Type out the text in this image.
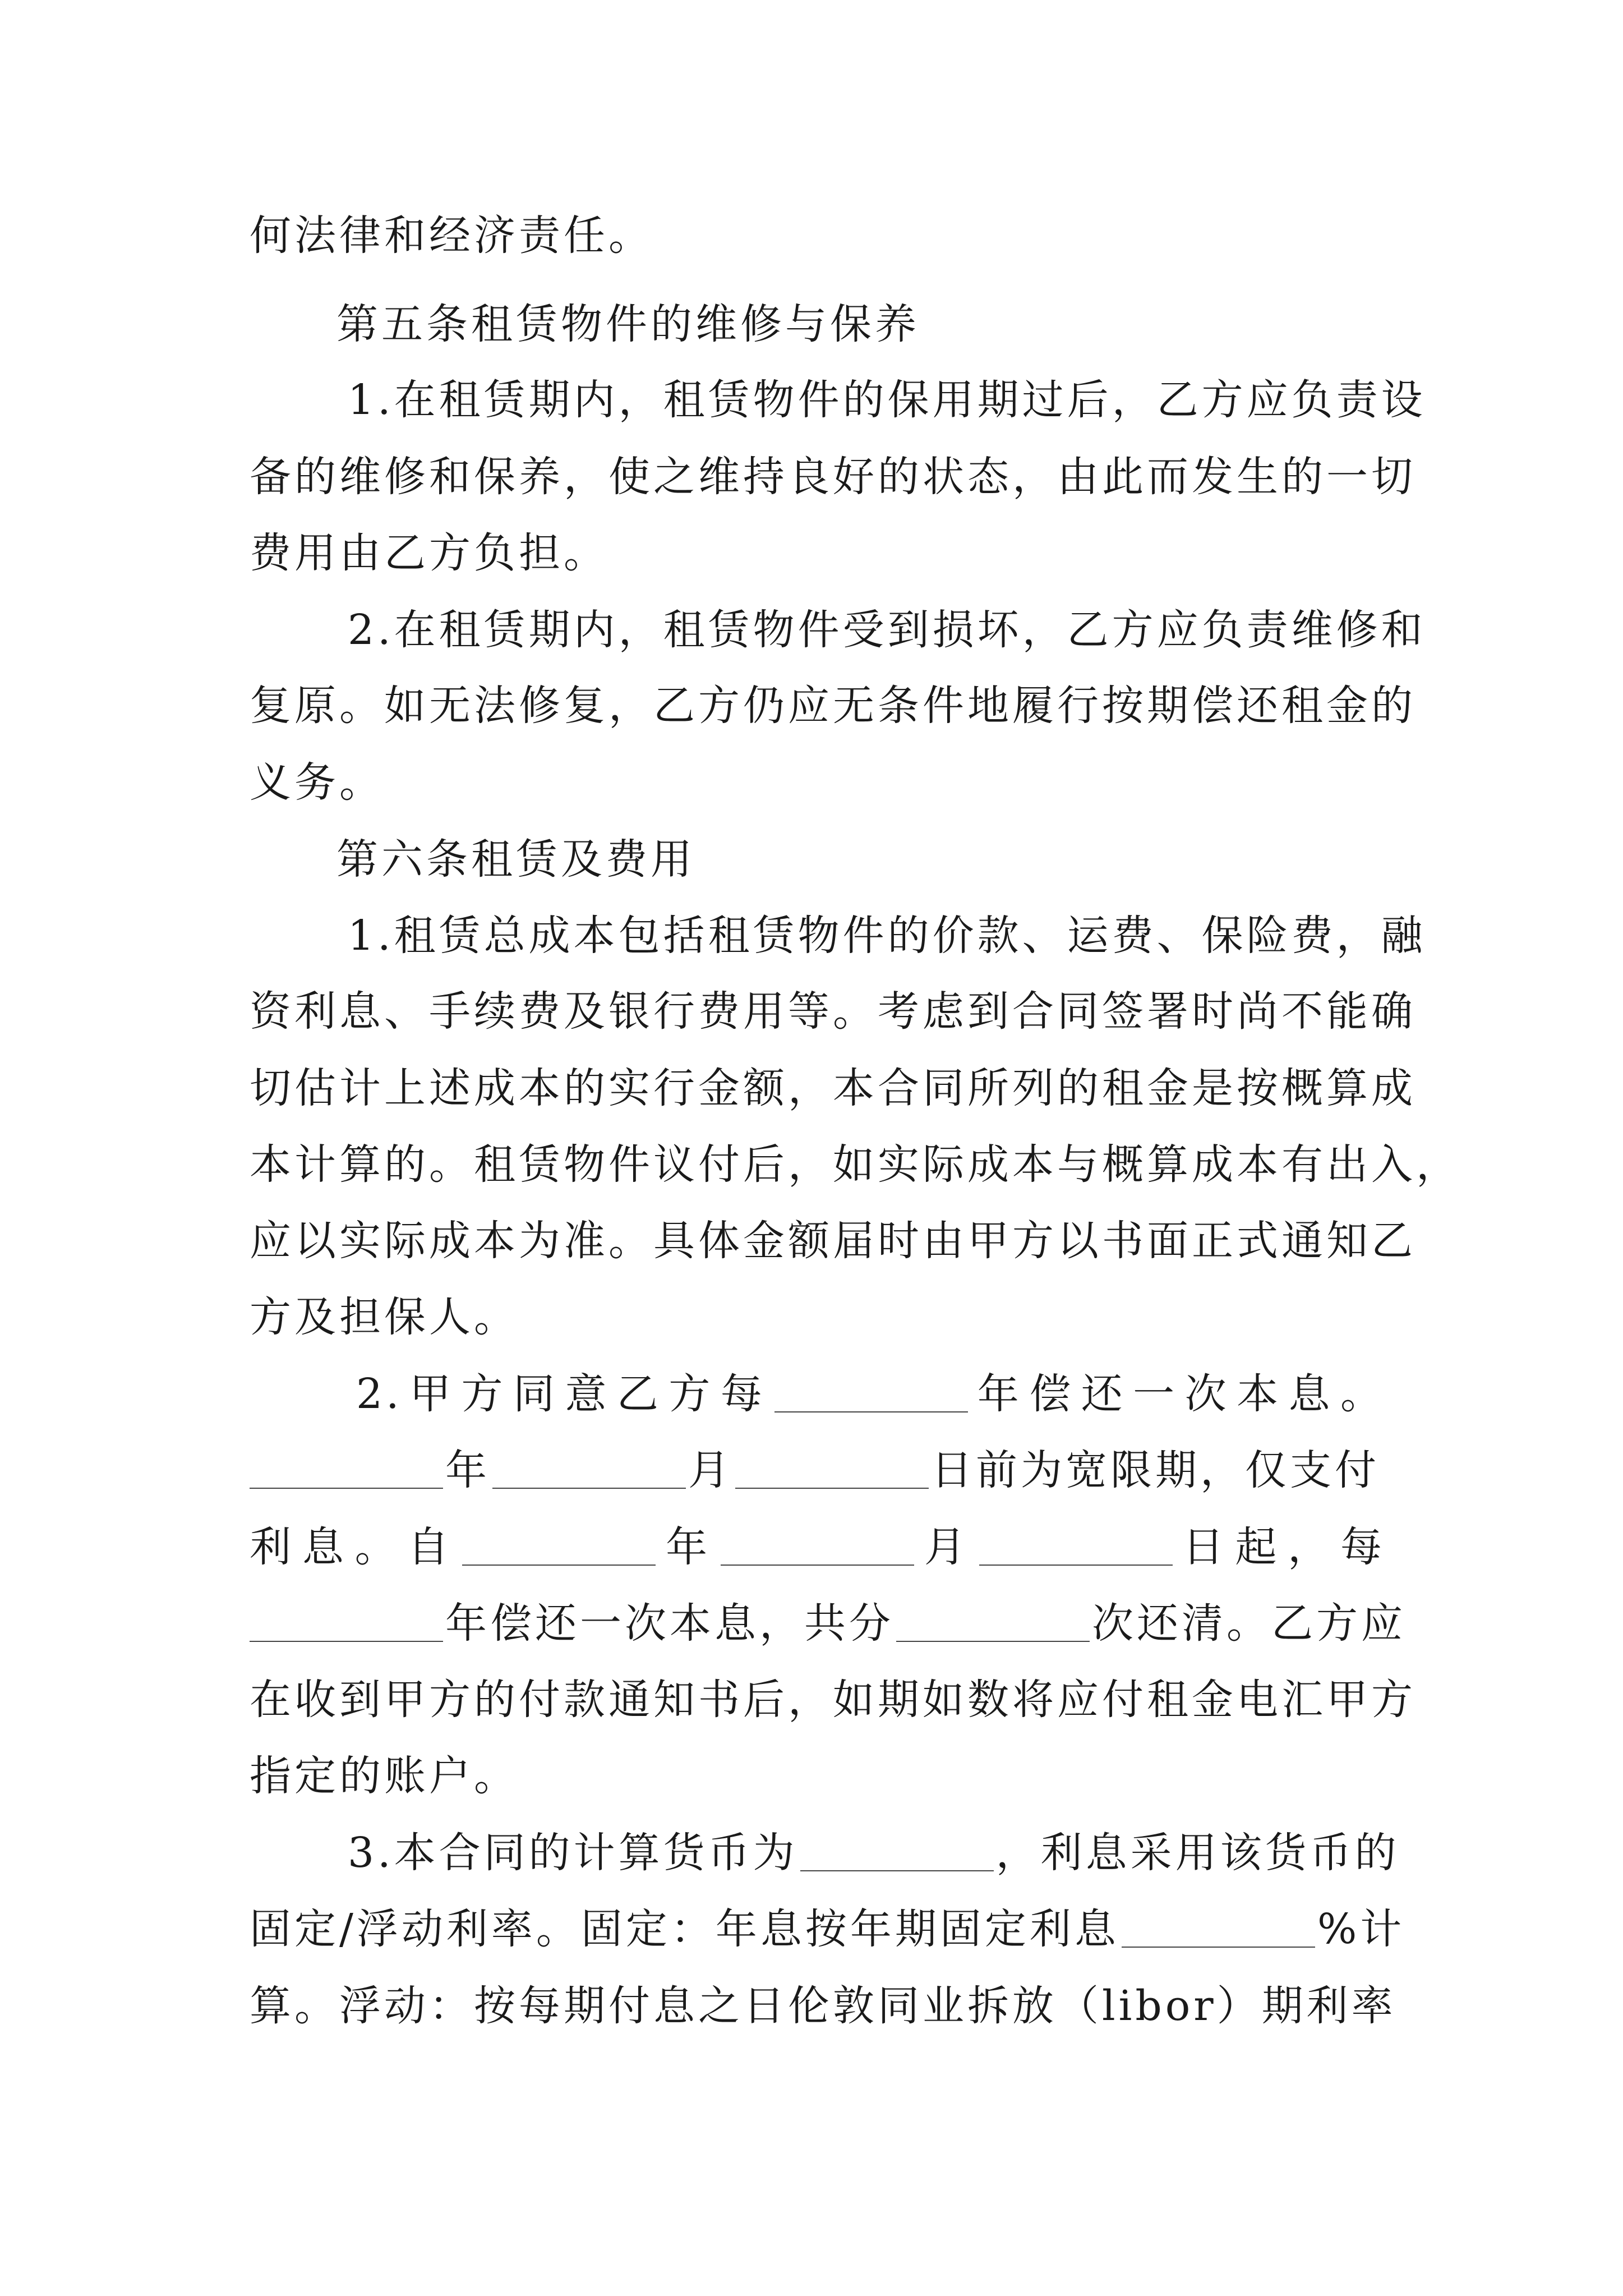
何法律和经济责任。
第五条租赁物件的维修与保养
1.在租赁期内，租赁物件的保用期过后，乙方应负责设
备的维修和保养，使之维持良好的状态，由此而发生的一切
费用由乙方负担。
2.在租赁期内，租赁物件受到损坏，乙方应负责维修和
复原。如无法修复，乙方仍应无条件地履行按期偿还租金的
义务。
第六条租赁及费用
1.租赁总成本包括租赁物件的价款、运费、保险费，融
资利息、手续费及银行费用等。考虑到合同签署时尚不能确
切估计上述成本的实行金额，本合同所列的租金是按概算成
本计算的。租赁物件议付后，如实际成本与概算成本有出入，
应以实际成本为准。具体金额届时由甲方以书面正式通知乙
方及担保人。
2.甲方同意乙方每	年偿还一次本息。
年	月	日前为宽限期，仅支付
利息。自	年	月	日起，每
年偿还一次本息，共分	次还清。乙方应
在收到甲方的付款通知书后，如期如数将应付租金电汇甲方
指定的账户。
3.本合同的计算货币为	，利息采用该货币的
固定/浮动利率。固定：年息按年期固定利息	%计
算。浮动：按每期付息之日伦敦同业拆放（libor）期利率
